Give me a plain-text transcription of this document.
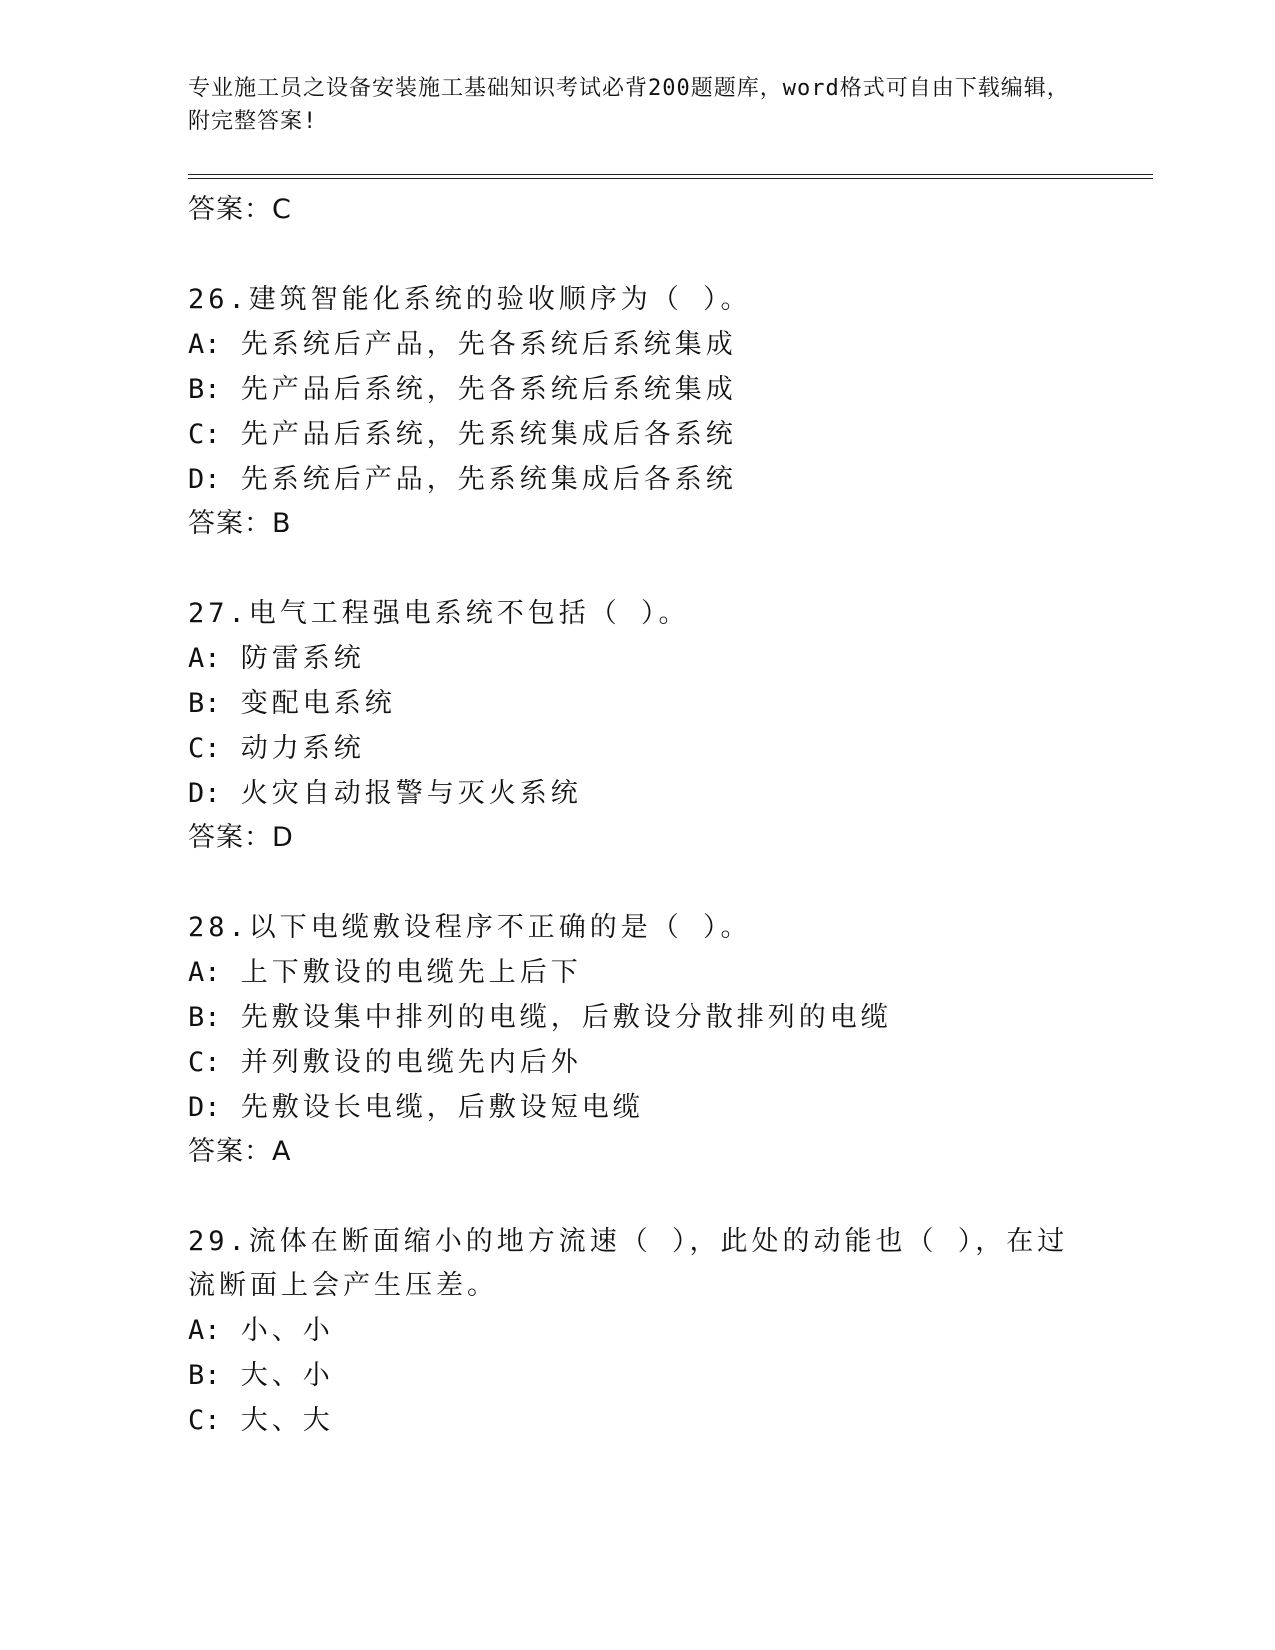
专业施工员之设备安装施工基础知识考试必背200题题库，word格式可自由下载编辑，附完整答案!
答案：C
26.建筑智能化系统的验收顺序为（ ）。
A: 先系统后产品，先各系统后系统集成
B: 先产品后系统，先各系统后系统集成
C: 先产品后系统，先系统集成后各系统
D: 先系统后产品，先系统集成后各系统
答案：B
27.电气工程强电系统不包括（ ）。
A: 防雷系统
B: 变配电系统
C: 动力系统
D: 火灾自动报警与灭火系统
答案：D
28.以下电缆敷设程序不正确的是（ ）。
A: 上下敷设的电缆先上后下
B: 先敷设集中排列的电缆，后敷设分散排列的电缆
C: 并列敷设的电缆先内后外
D: 先敷设长电缆，后敷设短电缆
答案：A
29.流体在断面缩小的地方流速（ ），此处的动能也（ ），在过流断面上会产生压差。
A: 小、小
B: 大、小
C: 大、大
